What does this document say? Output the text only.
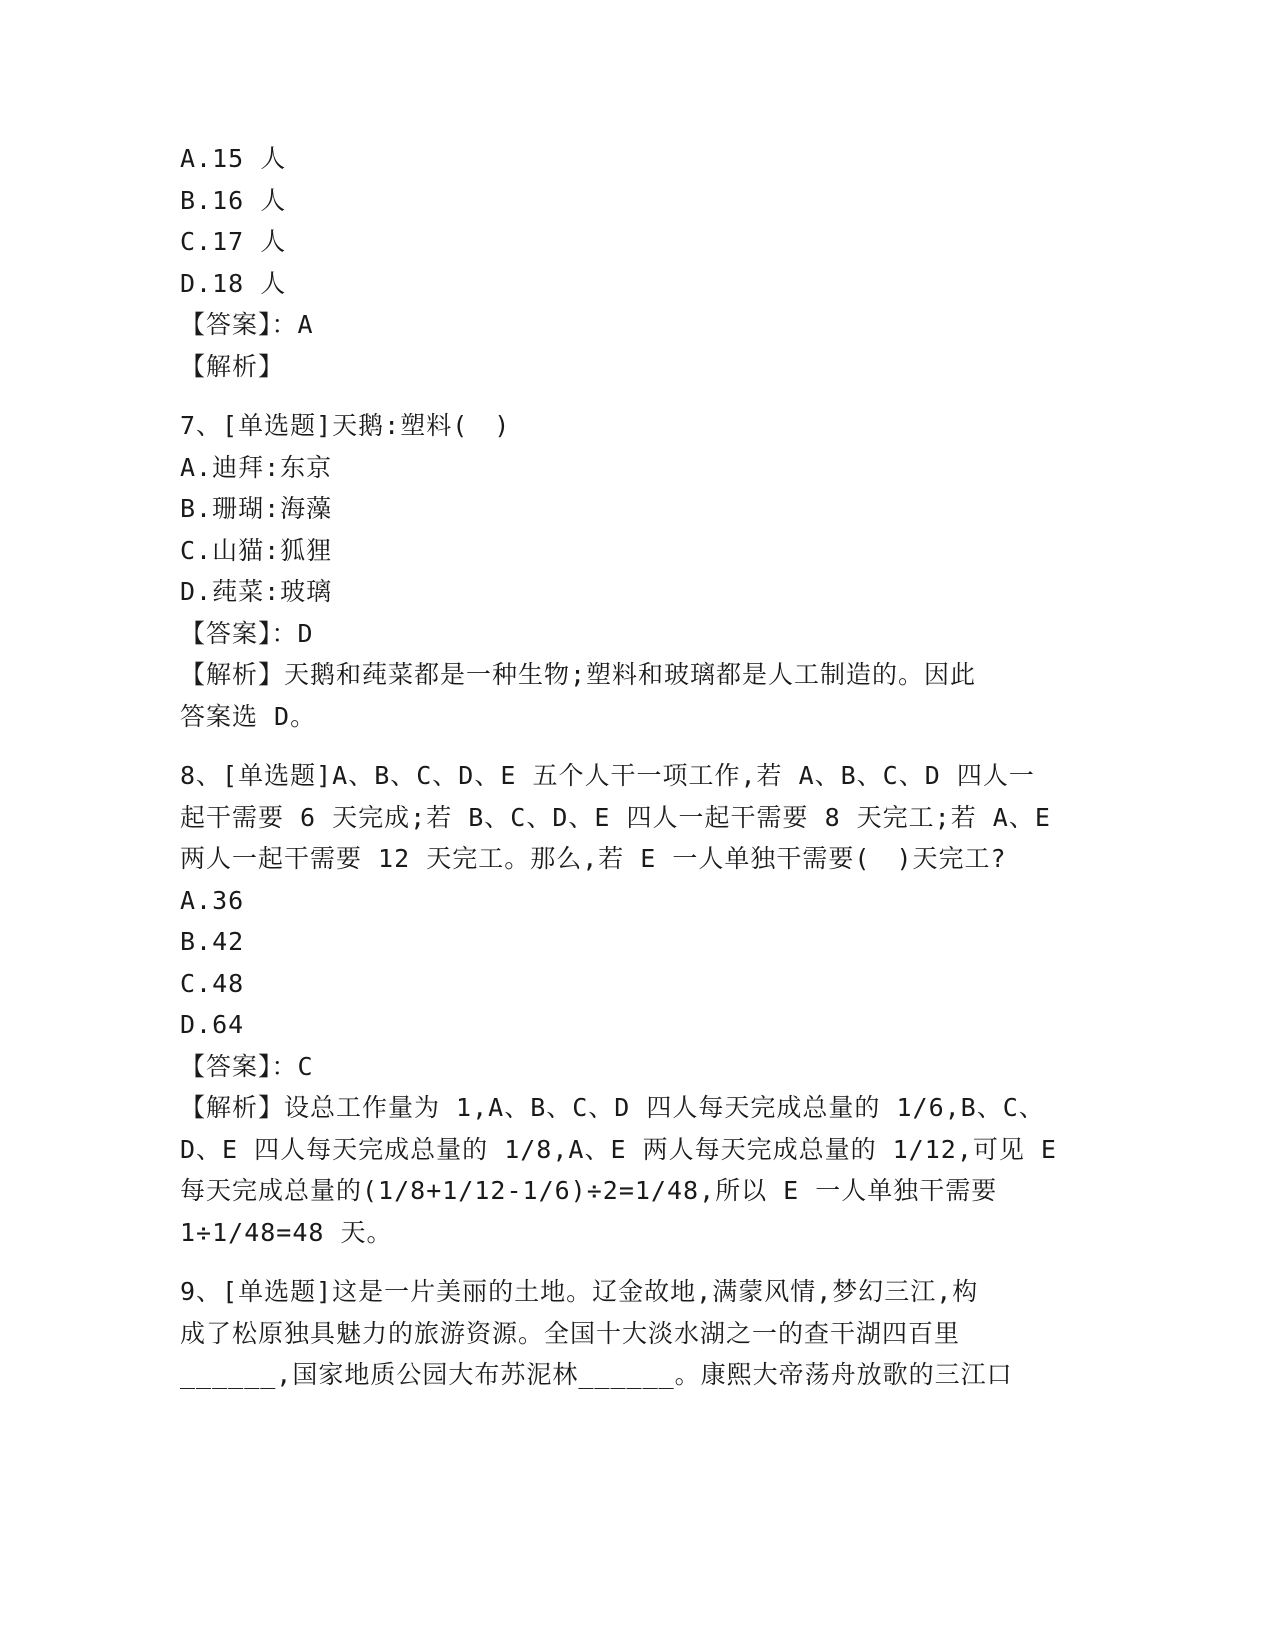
A.15 人
B.16 人
C.17 人
D.18 人
【答案】：A
【解析】
7、[单选题]天鹅:塑料(　)
A.迪拜:东京
B.珊瑚:海藻
C.山猫:狐狸
D.莼菜:玻璃
【答案】：D
【解析】天鹅和莼菜都是一种生物;塑料和玻璃都是人工制造的。因此
答案选 D。
8、[单选题]A、B、C、D、E 五个人干一项工作,若 A、B、C、D 四人一
起干需要 6 天完成;若 B、C、D、E 四人一起干需要 8 天完工;若 A、E
两人一起干需要 12 天完工。那么,若 E 一人单独干需要(　)天完工?
A.36
B.42
C.48
D.64
【答案】：C
【解析】设总工作量为 1,A、B、C、D 四人每天完成总量的 1/6,B、C、
D、E 四人每天完成总量的 1/8,A、E 两人每天完成总量的 1/12,可见 E
每天完成总量的(1/8+1/12-1/6)÷2=1/48,所以 E 一人单独干需要
1÷1/48=48 天。
9、[单选题]这是一片美丽的土地。辽金故地,满蒙风情,梦幻三江,构
成了松原独具魅力的旅游资源。全国十大淡水湖之一的查干湖四百里
______,国家地质公园大布苏泥林______。康熙大帝荡舟放歌的三江口
